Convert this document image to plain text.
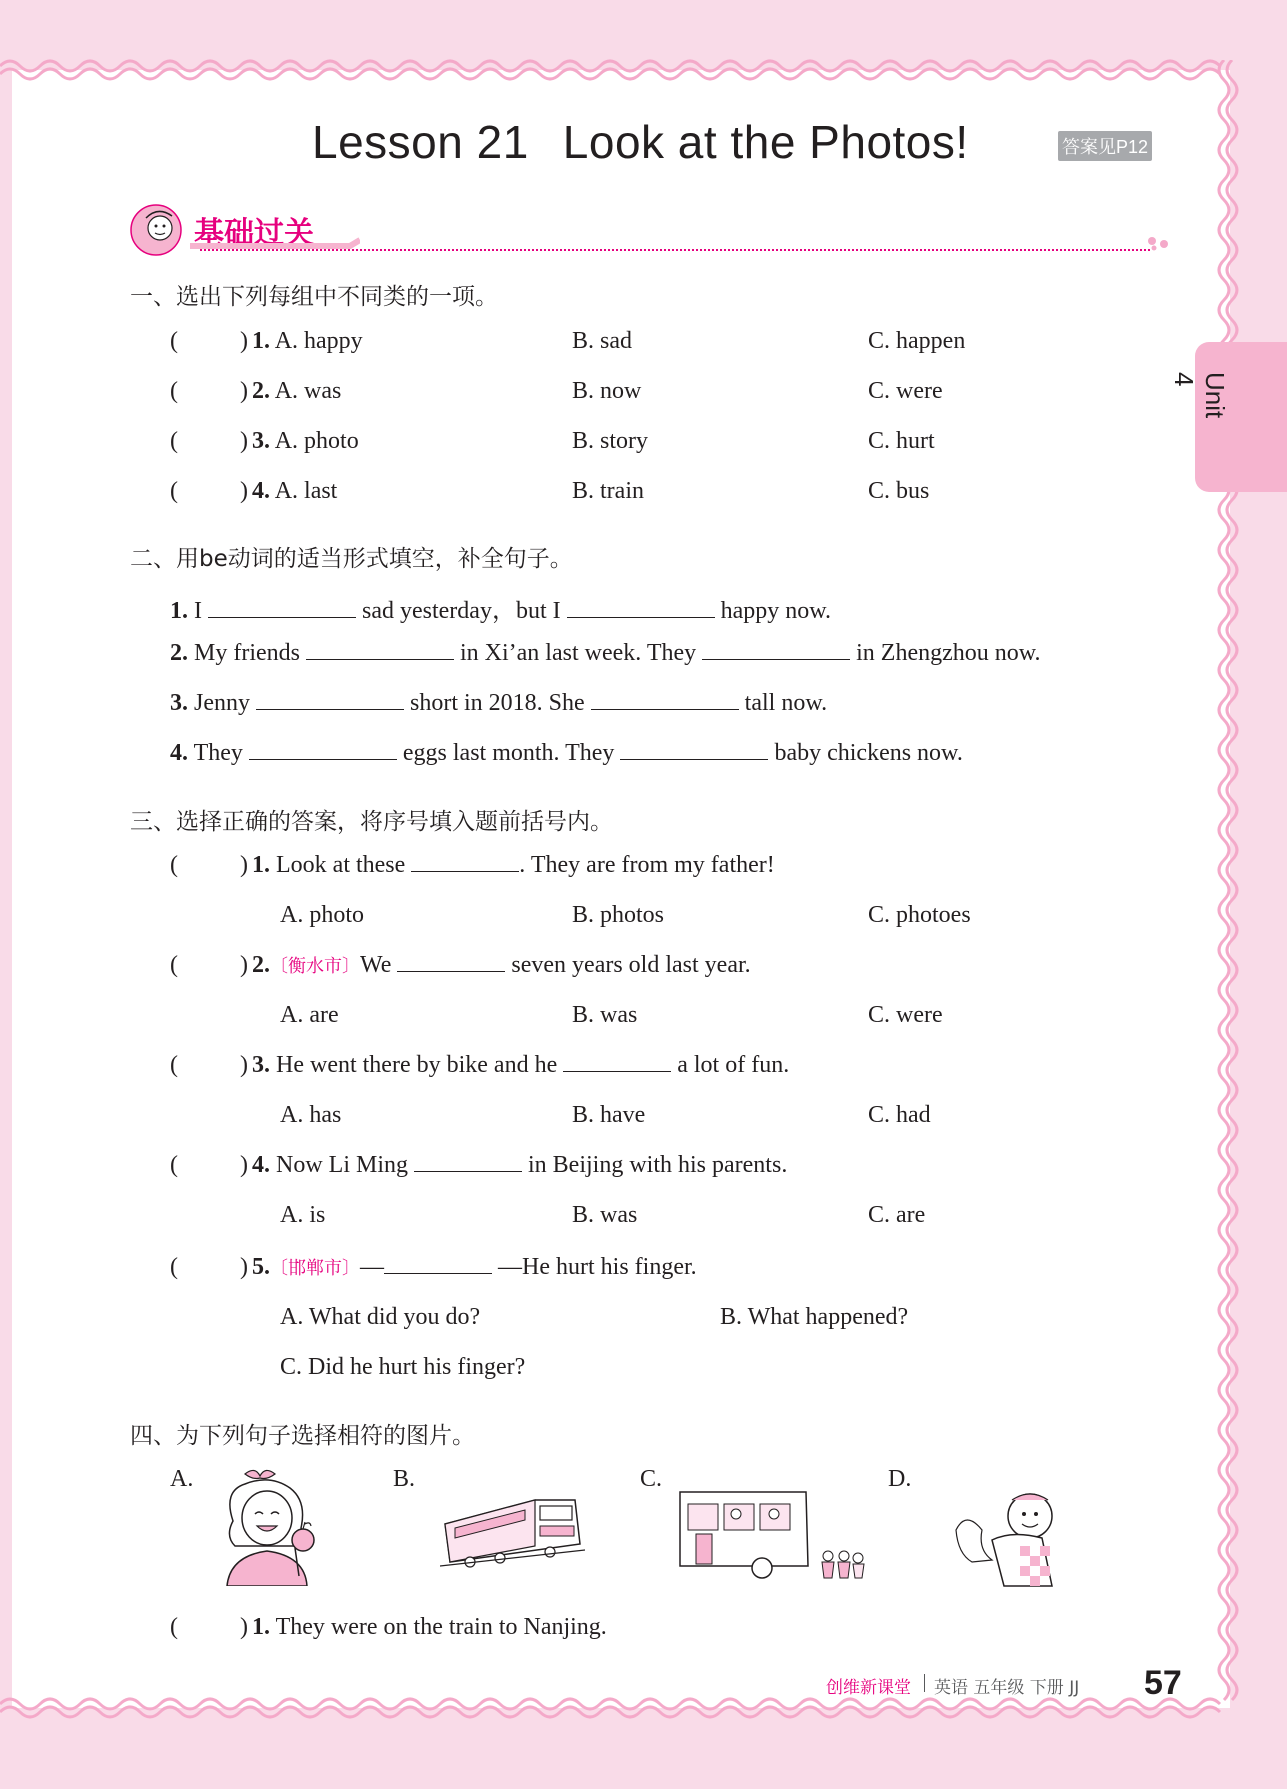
Unit 4
Lesson 21 Look at the Photos!	答案见P12
基础过关
一、选出下列每组中不同类的一项。
(	) 1. A. happy	B. sad	C. happen
(	) 2. A. was	B. now	C. were
(	) 3. A. photo	B. story	C. hurt
(	) 4. A. last	B. train	C. bus
二、用be动词的适当形式填空，补全句子。
1. I	sad yesterday，but I	happy now.
2. My friends	in Xi’an last week. They	in Zhengzhou now.
3. Jenny	short in 2018. She	tall now.
4. They	eggs last month. They	baby chickens now.
三、选择正确的答案，将序号填入题前括号内。
(	) 1. Look at these	. They are from my father!
A. photo	B. photos	C. photoes
(	) 2.〔衡水市〕We	seven years old last year.
A. are	B. was	C. were
(	) 3. He went there by bike and he	a lot of fun.
A. has	B. have	C. had
(	) 4. Now Li Ming	in Beijing with his parents.
A. is	B. was	C. are
(	) 5.〔邯郸市〕—	—He hurt his finger.
A. What did you do?	B. What happened?
C. Did he hurt his finger?
四、为下列句子选择相符的图片。
A.	B.	C.	D.
(	) 1. They were on the train to Nanjing.
创维新课堂 英语 五年级 下册 JJ 57
